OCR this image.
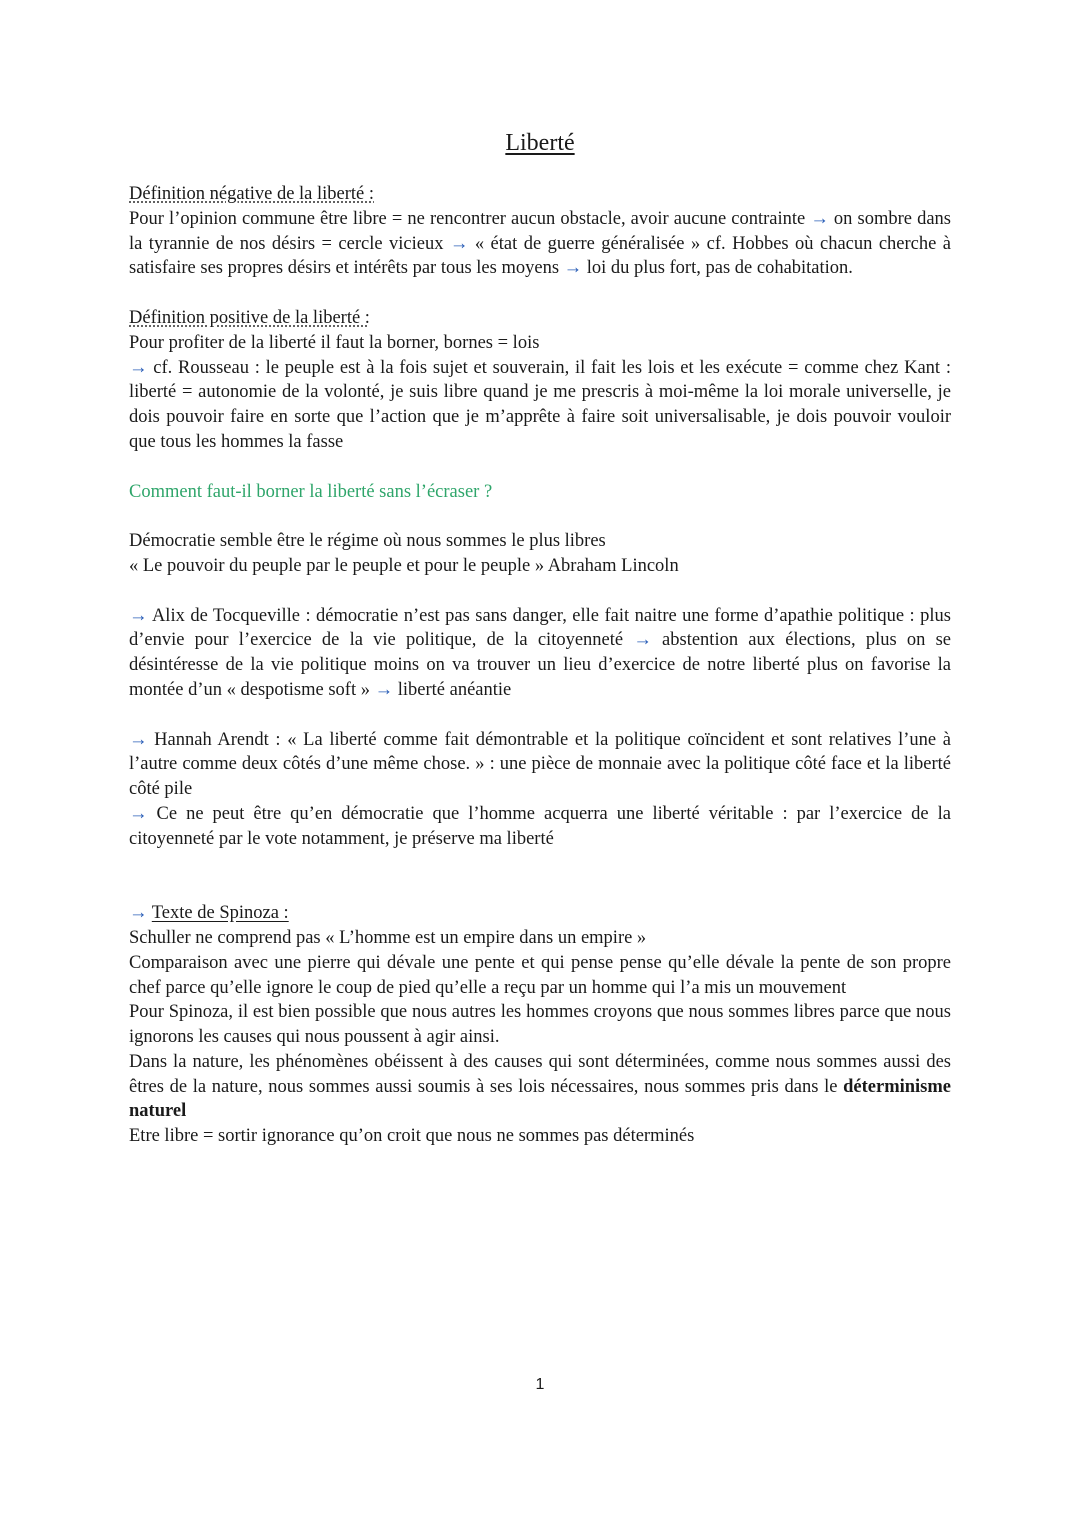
Liberté

Définition négative de la liberté :

Pour l’opinion commune être libre = ne rencontrer aucun obstacle, avoir aucune contrainte → on sombre dans la tyrannie de nos désirs = cercle vicieux → « état de guerre généralisée » cf. Hobbes où chacun cherche à satisfaire ses propres désirs et intérêts par tous les moyens → loi du plus fort, pas de cohabitation.

Définition positive de la liberté :

Pour profiter de la liberté il faut la borner, bornes = lois

→ cf. Rousseau : le peuple est à la fois sujet et souverain, il fait les lois et les exécute = comme chez Kant : liberté = autonomie de la volonté, je suis libre quand je me prescris à moi-même la loi morale universelle, je dois pouvoir faire en sorte que l’action que je m’apprête à faire soit universalisable, je dois pouvoir vouloir que tous les hommes la fasse

Comment faut-il borner la liberté sans l’écraser ?

Démocratie semble être le régime où nous sommes le plus libres

« Le pouvoir du peuple par le peuple et pour le peuple » Abraham Lincoln

→ Alix de Tocqueville : démocratie n’est pas sans danger, elle fait naitre une forme d’apathie politique : plus d’envie pour l’exercice de la vie politique, de la citoyenneté → abstention aux élections, plus on se désintéresse de la vie politique moins on va trouver un lieu d’exercice de notre liberté plus on favorise la montée d’un « despotisme soft » → liberté anéantie

→ Hannah Arendt : « La liberté comme fait démontrable et la politique coïncident et sont relatives l’une à l’autre comme deux côtés d’une même chose. » : une pièce de monnaie avec la politique côté face et la liberté côté pile

→ Ce ne peut être qu’en démocratie que l’homme acquerra une liberté véritable : par l’exercice de la citoyenneté par le vote notamment, je préserve ma liberté

→ Texte de Spinoza :

Schuller ne comprend pas « L’homme est un empire dans un empire »

Comparaison avec une pierre qui dévale une pente et qui pense pense qu’elle dévale la pente de son propre chef parce qu’elle ignore le coup de pied qu’elle a reçu par un homme qui l’a mis un mouvement

Pour Spinoza, il est bien possible que nous autres les hommes croyons que nous sommes libres parce que nous ignorons les causes qui nous poussent à agir ainsi.

Dans la nature, les phénomènes obéissent à des causes qui sont déterminées, comme nous sommes aussi des êtres de la nature, nous sommes aussi soumis à ses lois nécessaires, nous sommes pris dans le déterminisme naturel

Etre libre = sortir ignorance qu’on croit que nous ne sommes pas déterminés

1
